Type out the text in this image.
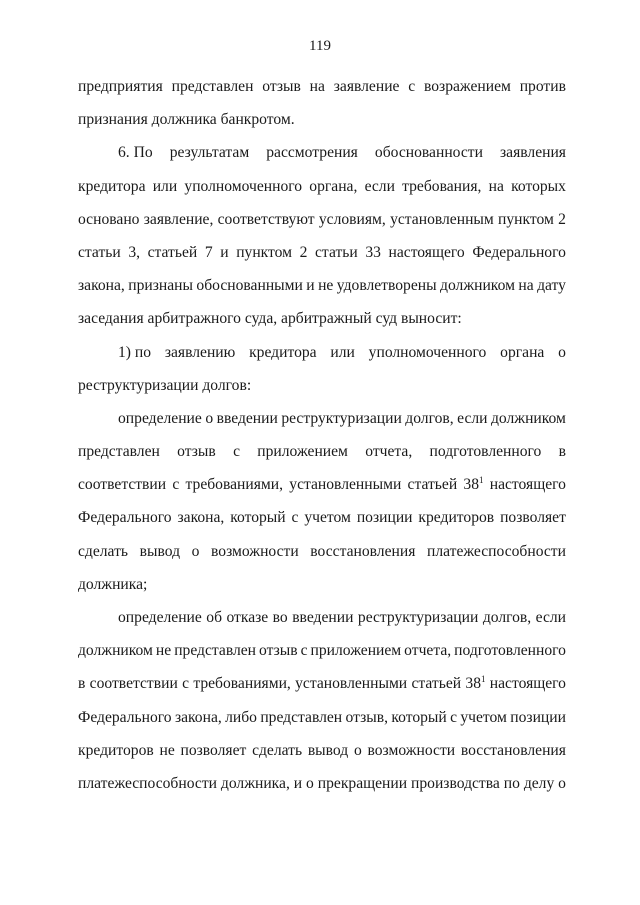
119
предприятия представлен отзыв на заявление с возражением против
признания должника банкротом.
6. По результатам рассмотрения обоснованности заявления
кредитора или уполномоченного органа, если требования, на которых
основано заявление, соответствуют условиям, установленным пунктом 2
статьи 3, статьей 7 и пунктом 2 статьи 33 настоящего Федерального
закона, признаны обоснованными и не удовлетворены должником на дату
заседания арбитражного суда, арбитражный суд выносит:
1) по заявлению кредитора или уполномоченного органа о
реструктуризации долгов:
определение о введении реструктуризации долгов, если должником
представлен отзыв с приложением отчета, подготовленного в
соответствии с требованиями, установленными статьей $38^1$ настоящего
Федерального закона, который с учетом позиции кредиторов позволяет
сделать вывод о возможности восстановления платежеспособности
должника;
определение об отказе во введении реструктуризации долгов, если
должником не представлен отзыв с приложением отчета, подготовленного
в соответствии с требованиями, установленными статьей $38^1$ настоящего
Федерального закона, либо представлен отзыв, который с учетом позиции
кредиторов не позволяет сделать вывод о возможности восстановления
платежеспособности должника, и о прекращении производства по делу о
